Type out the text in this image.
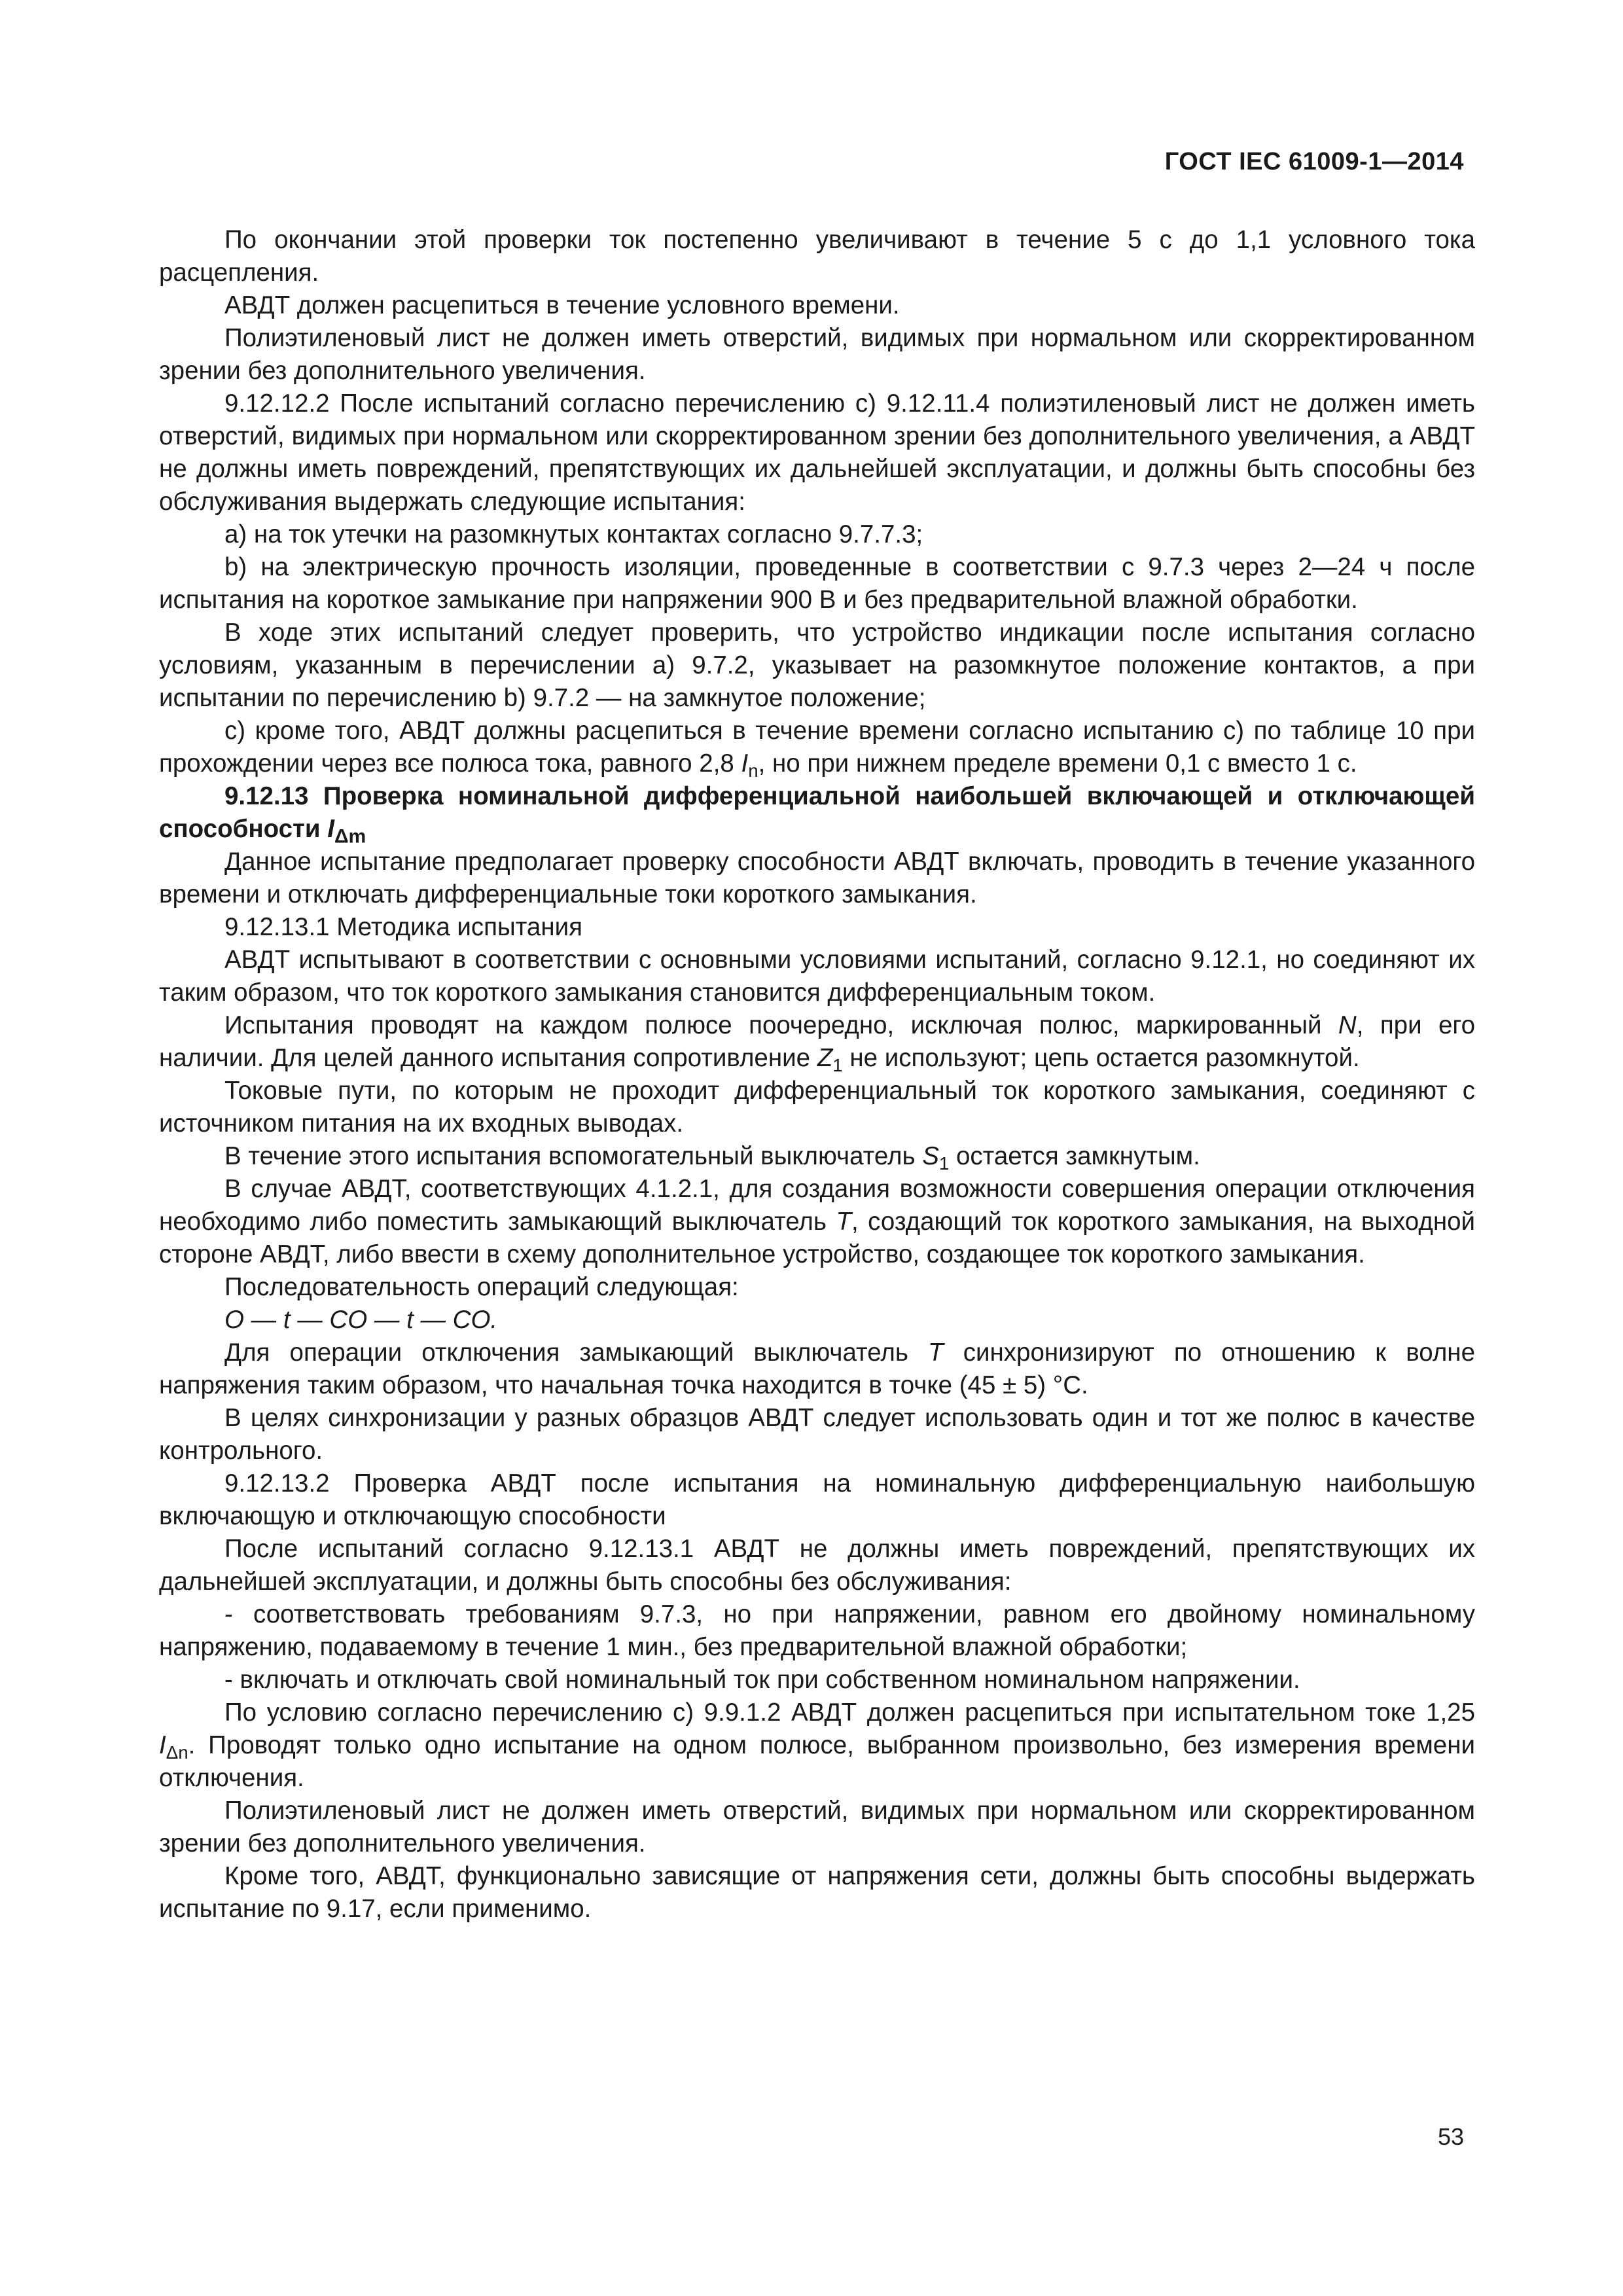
ГОСТ IEC 61009-1—2014

По окончании этой проверки ток постепенно увеличивают в течение 5 с до 1,1 условного тока расцепления.

АВДТ должен расцепиться в течение условного времени.

Полиэтиленовый лист не должен иметь отверстий, видимых при нормальном или скорректированном зрении без дополнительного увеличения.

9.12.12.2 После испытаний согласно перечислению с) 9.12.11.4 полиэтиленовый лист не должен иметь отверстий, видимых при нормальном или скорректированном зрении без дополнительного увеличения, а АВДТ не должны иметь повреждений, препятствующих их дальнейшей эксплуатации, и должны быть способны без обслуживания выдержать следующие испытания:

a) на ток утечки на разомкнутых контактах согласно 9.7.7.3;

b) на электрическую прочность изоляции, проведенные в соответствии с 9.7.3 через 2—24 ч после испытания на короткое замыкание при напряжении 900 В и без предварительной влажной обработки.

В ходе этих испытаний следует проверить, что устройство индикации после испытания согласно условиям, указанным в перечислении а) 9.7.2, указывает на разомкнутое положение контактов, а при испытании по перечислению b) 9.7.2 — на замкнутое положение;

с) кроме того, АВДТ должны расцепиться в течение времени согласно испытанию с) по таблице 10 при прохождении через все полюса тока, равного 2,8 $I_n$, но при нижнем пределе времени 0,1 с вместо 1 с.

9.12.13 Проверка номинальной дифференциальной наибольшей включающей и отключающей способности $I_{\Delta m}$

Данное испытание предполагает проверку способности АВДТ включать, проводить в течение указанного времени и отключать дифференциальные токи короткого замыкания.

9.12.13.1 Методика испытания

АВДТ испытывают в соответствии с основными условиями испытаний, согласно 9.12.1, но соединяют их таким образом, что ток короткого замыкания становится дифференциальным током.

Испытания проводят на каждом полюсе поочередно, исключая полюс, маркированный N, при его наличии. Для целей данного испытания сопротивление $Z_1$ не используют; цепь остается разомкнутой.

Токовые пути, по которым не проходит дифференциальный ток короткого замыкания, соединяют с источником питания на их входных выводах.

В течение этого испытания вспомогательный выключатель $S_1$ остается замкнутым.

В случае АВДТ, соответствующих 4.1.2.1, для создания возможности совершения операции отключения необходимо либо поместить замыкающий выключатель T, создающий ток короткого замыкания, на выходной стороне АВДТ, либо ввести в схему дополнительное устройство, создающее ток короткого замыкания.

Последовательность операций следующая:

O — t — CO — t — CO.

Для операции отключения замыкающий выключатель T синхронизируют по отношению к волне напряжения таким образом, что начальная точка находится в точке (45 ± 5) °С.

В целях синхронизации у разных образцов АВДТ следует использовать один и тот же полюс в качестве контрольного.

9.12.13.2 Проверка АВДТ после испытания на номинальную дифференциальную наибольшую включающую и отключающую способности

После испытаний согласно 9.12.13.1 АВДТ не должны иметь повреждений, препятствующих их дальнейшей эксплуатации, и должны быть способны без обслуживания:

- соответствовать требованиям 9.7.3, но при напряжении, равном его двойному номинальному напряжению, подаваемому в течение 1 мин., без предварительной влажной обработки;

- включать и отключать свой номинальный ток при собственном номинальном напряжении.

По условию согласно перечислению с) 9.9.1.2 АВДТ должен расцепиться при испытательном токе 1,25 $I_{\Delta n}$. Проводят только одно испытание на одном полюсе, выбранном произвольно, без измерения времени отключения.

Полиэтиленовый лист не должен иметь отверстий, видимых при нормальном или скорректированном зрении без дополнительного увеличения.

Кроме того, АВДТ, функционально зависящие от напряжения сети, должны быть способны выдержать испытание по 9.17, если применимо.

53
